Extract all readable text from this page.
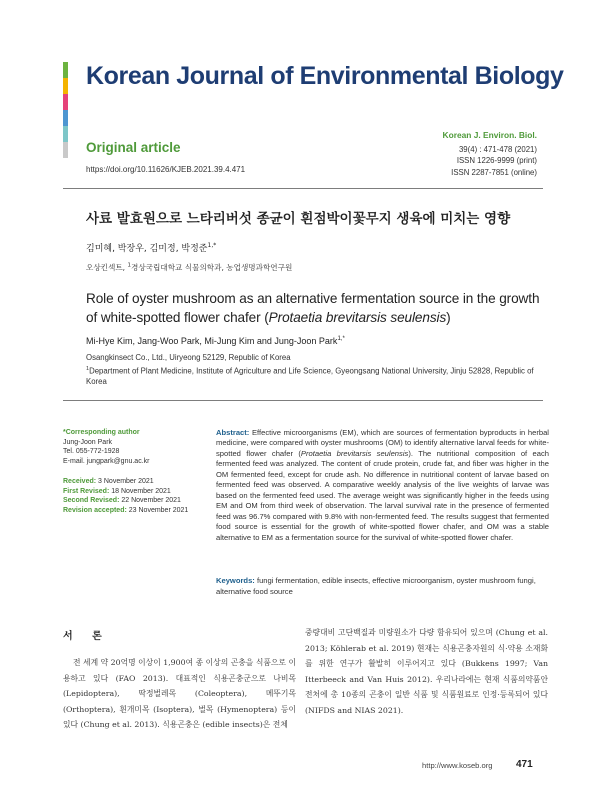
Korean Journal of Environmental Biology
Original article
https://doi.org/10.11626/KJEB.2021.39.4.471
Korean J. Environ. Biol.
39(4) : 471-478 (2021)
ISSN 1226-9999 (print)
ISSN 2287-7851 (online)
사료 발효원으로 느타리버섯 종균이 흰점박이꽃무지 생육에 미치는 영향
김미혜, 박장우, 김미정, 박정준$^{1,*}$
오상킨섹트, $^1$경상국립대학교 식물의학과, 농업생명과학연구원
Role of oyster mushroom as an alternative fermentation source in the growth of white-spotted flower chafer (Protaetia brevitarsis seulensis)
Mi-Hye Kim, Jang-Woo Park, Mi-Jung Kim and Jung-Joon Park$^{1,*}$
Osangkinsect Co., Ltd., Uiryeong 52129, Republic of Korea
$^1$Department of Plant Medicine, Institute of Agriculture and Life Science, Gyeongsang National University, Jinju 52828, Republic of Korea
*Corresponding author
Jung-Joon Park
Tel. 055-772-1928
E-mail. jungpark@gnu.ac.kr
Received: 3 November 2021
First Revised: 18 November 2021
Second Revised: 22 November 2021
Revision accepted: 23 November 2021
Abstract: Effective microorganisms (EM), which are sources of fermentation byproducts in herbal medicine, were compared with oyster mushrooms (OM) to identify alternative larval feeds for white-spotted flower chafer (Protaetia brevitarsis seulensis). The nutritional composition of each fermented feed was analyzed. The content of crude protein, crude fat, and fiber was higher in the OM fermented feed, except for crude ash. No difference in nutritional content of larvae based on fermented feed was observed. A comparative weekly analysis of the live weights of larvae was based on the fermented feed used. The average weight was significantly higher in the feeds using EM and OM from third week of observation. The larval survival rate in the presence of fermented feed was 96.7% compared with 9.8% with non-fermented feed. The results suggest that fermented food source is essential for the growth of white-spotted flower chafer, and OM was a stable alternative to EM as a fermentation source for the survival of white-spotted flower chafer.
Keywords: fungi fermentation, edible insects, effective microorganism, oyster mushroom fungi, alternative food source
서 론
전 세계 약 20억명 이상이 1,900여 종 이상의 곤충을 식품으로 이용하고 있다 (FAO 2013). 대표적인 식용곤충군으로 나비목 (Lepidoptera), 딱정벌레목 (Coleoptera), 메뚜기목 (Orthoptera), 흰개미목 (Isoptera), 벌목 (Hymenoptera) 등이 있다 (Chung et al. 2013). 식용곤충은 (edible insects)은 전체
중량대비 고단백질과 미량원소가 다량 함유되어 있으며 (Chung et al. 2013; Köhlerab et al. 2019) 현재는 식용곤충자원의 식·약용 소재화를 위한 연구가 활발히 이루어지고 있다 (Bukkens 1997; Van Itterbeeck and Van Huis 2012). 우리나라에는 현재 식품의약품안전처에 총 10종의 곤충이 일반 식품 및 식품원료로 인정·등록되어 있다 (NIFDS and NIAS 2021).
http://www.koseb.org 471
